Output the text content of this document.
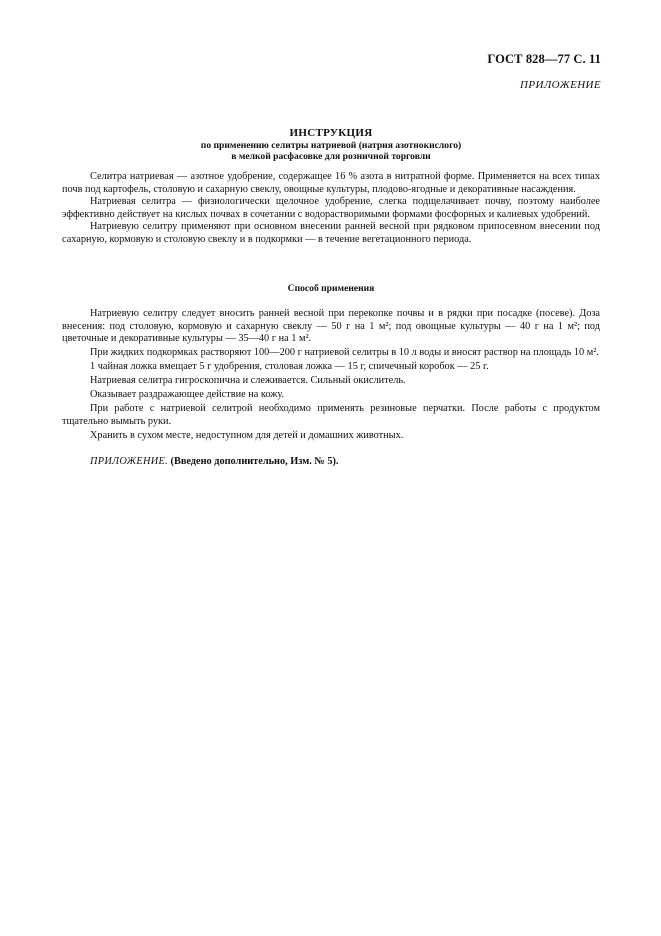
ГОСТ 828—77 С. 11
ПРИЛОЖЕНИЕ
ИНСТРУКЦИЯ
по применению селитры натриевой (натрия азотнокислого)
в мелкой расфасовке для розничной торговли

Селитра натриевая — азотное удобрение, содержащее 16 % азота в нитратной форме. Применяется на всех типах почв под картофель, столовую и сахарную свеклу, овощные культуры, плодово-ягодные и декоративные насаждения.

Натриевая селитра — физиологически щелочное удобрение, слегка подщелачивает почву, поэтому наиболее эффективно действует на кислых почвах в сочетании с водорастворимыми формами фосфорных и калиевых удобрений.

Натриевую селитру применяют при основном внесении ранней весной при рядковом припосевном внесении под сахарную, кормовую и столовую свеклу и в подкормки — в течение вегетационного периода.

Способ применения

Натриевую селитру следует вносить ранней весной при перекопке почвы и в рядки при посадке (посеве). Доза внесения: под столовую, кормовую и сахарную свеклу — 50 г на 1 м²; под овощные культуры — 40 г на 1 м²; под цветочные и декоративные культуры — 35—40 г на 1 м².

При жидких подкормках растворяют 100—200 г натриевой селитры в 10 л воды и вносят раствор на площадь 10 м².

1 чайная ложка вмещает 5 г удобрения, столовая ложка — 15 г, спичечный коробок — 25 г.

Натриевая селитра гигроскопична и слеживается. Сильный окислитель.

Оказывает раздражающее действие на кожу.

При работе с натриевой селитрой необходимо применять резиновые перчатки. После работы с продуктом тщательно вымыть руки.

Хранить в сухом месте, недоступном для детей и домашних животных.

ПРИЛОЖЕНИЕ. (Введено дополнительно, Изм. № 5).
